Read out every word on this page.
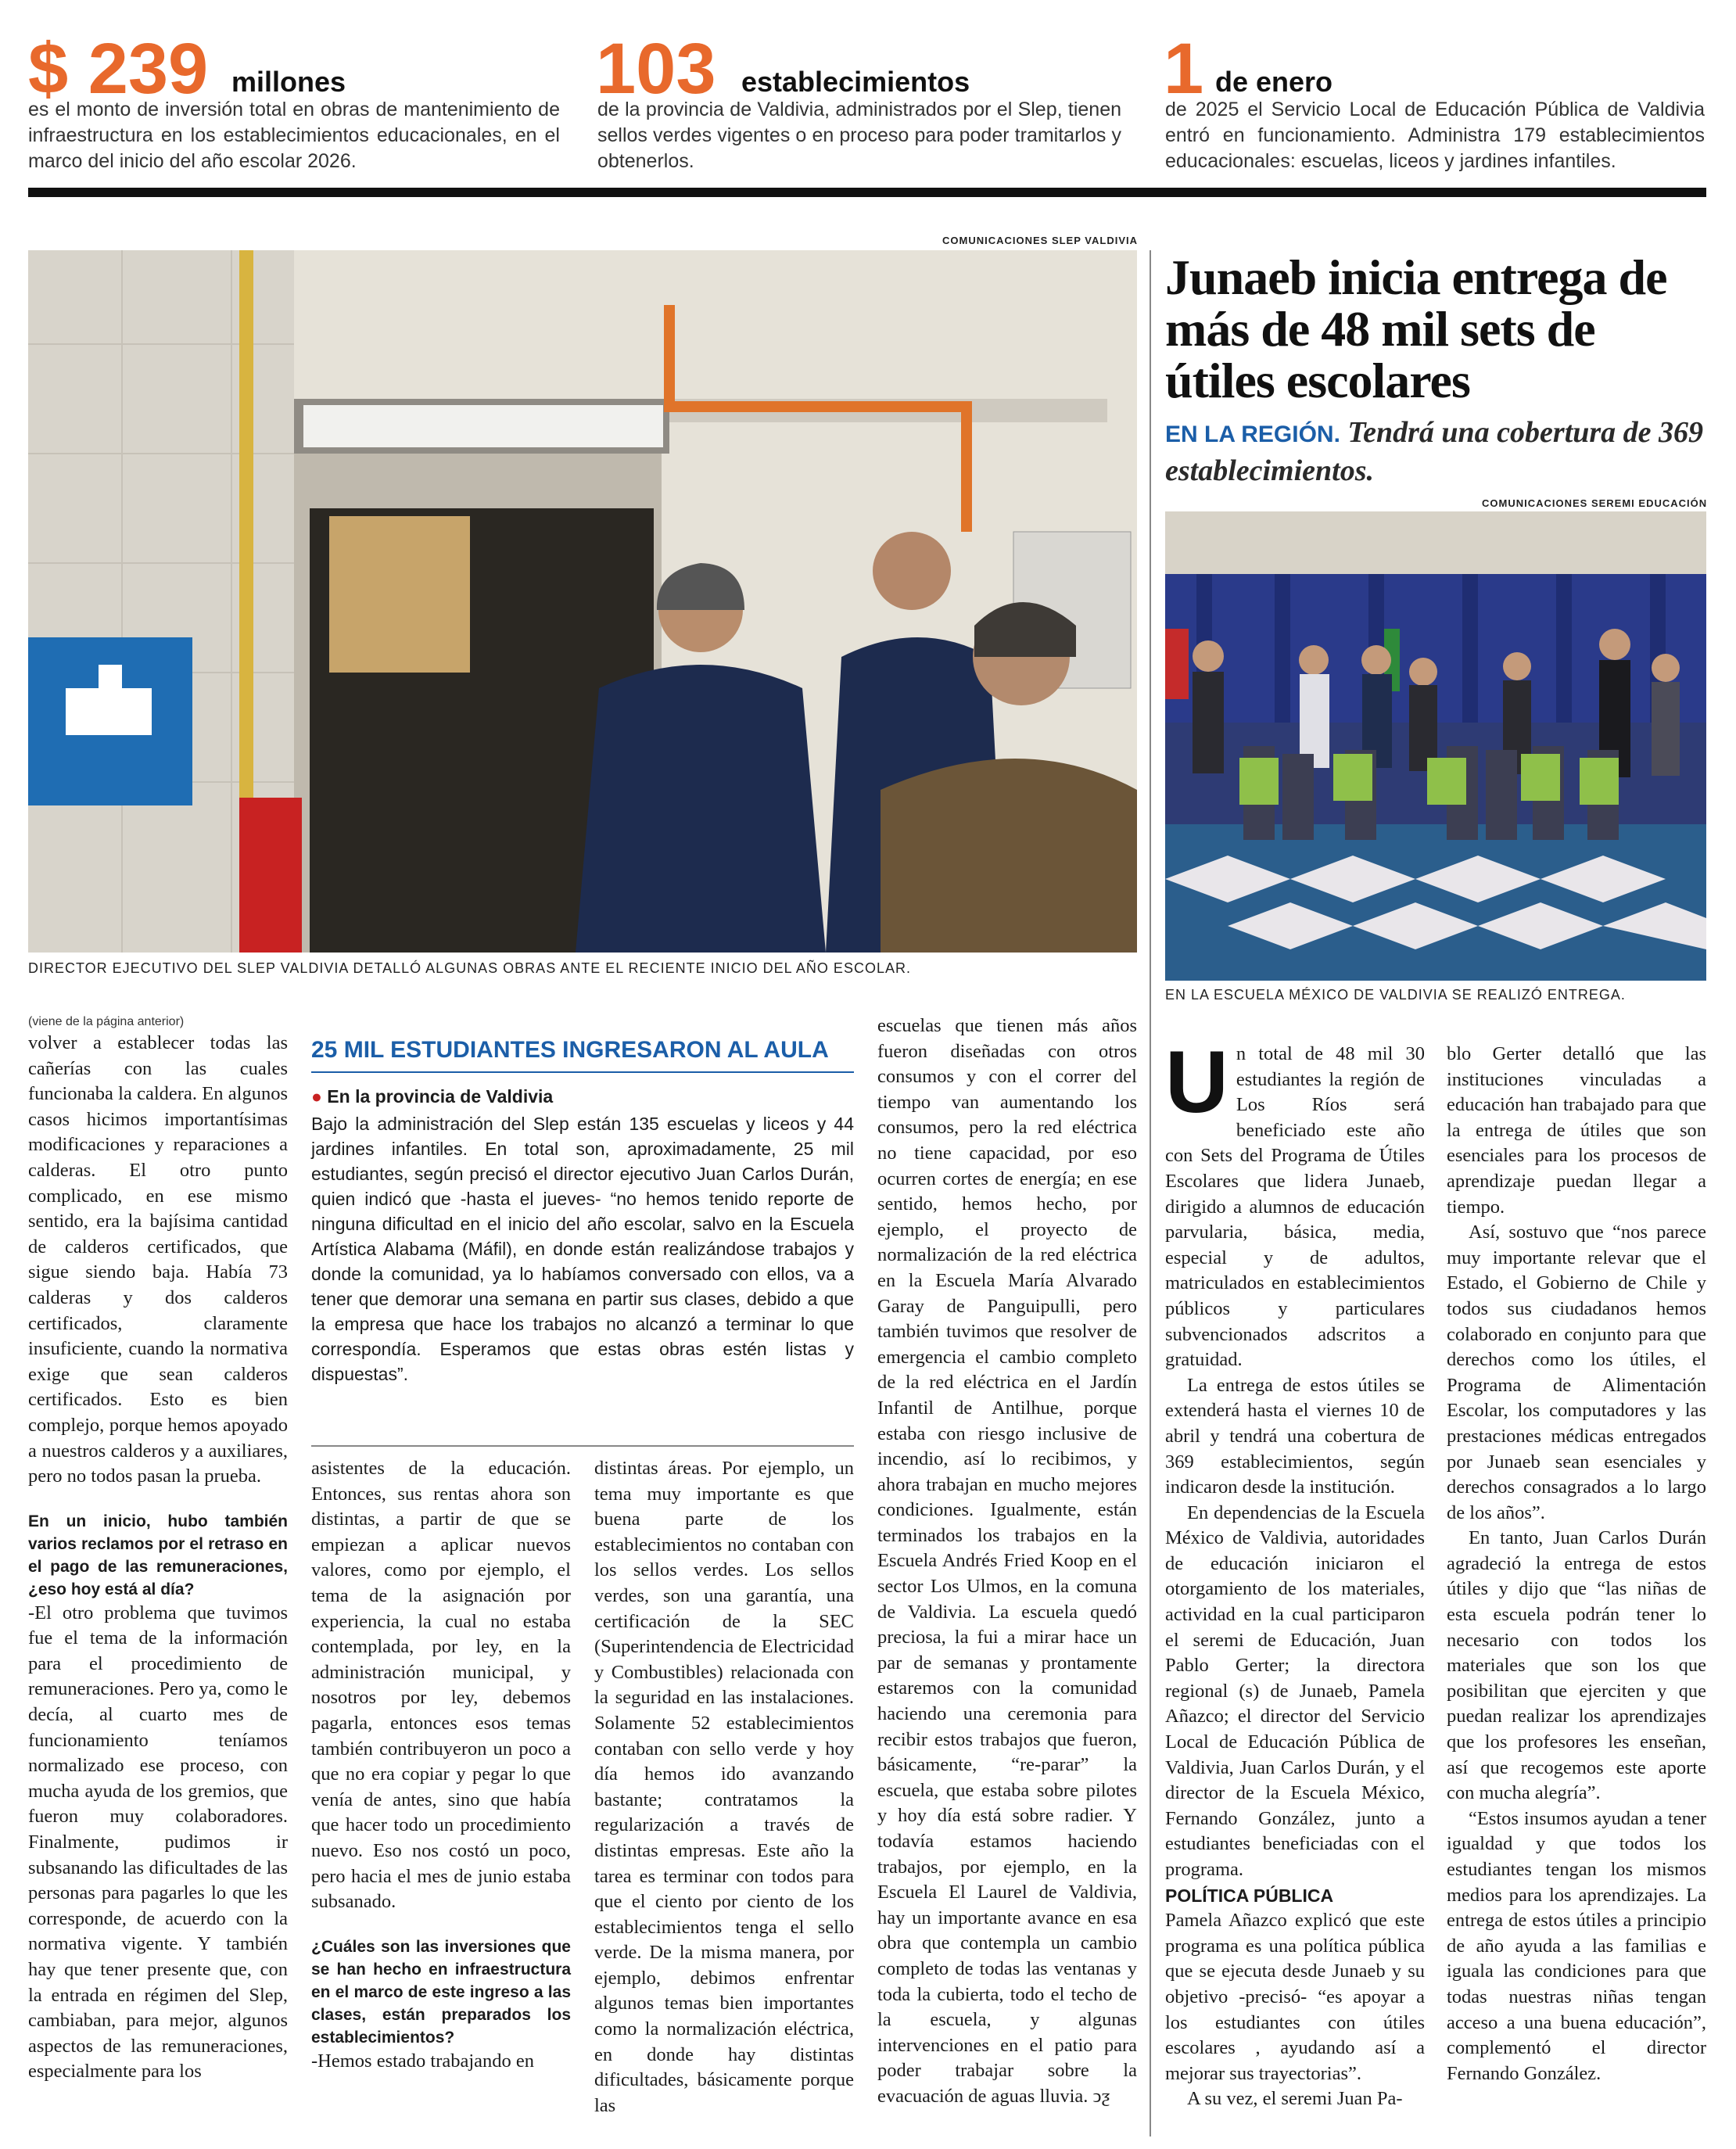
$ 239 millones
es el monto de inversión total en obras de mantenimiento de infraestructura en los establecimientos educacionales, en el marco del inicio del año escolar 2026.
103 establecimientos
de la provincia de Valdivia, administrados por el Slep, tienen sellos verdes vigentes o en proceso para poder tramitarlos y obtenerlos.
1 de enero
de 2025 el Servicio Local de Educación Pública de Valdivia entró en funcionamiento. Administra 179 establecimientos educacionales: escuelas, liceos y jardines infantiles.
COMUNICACIONES SLEP VALDIVIA
DIRECTOR EJECUTIVO DEL SLEP VALDIVIA DETALLÓ ALGUNAS OBRAS ANTE EL RECIENTE INICIO DEL AÑO ESCOLAR.
Junaeb inicia entrega de más de 48 mil sets de útiles escolares
EN LA REGIÓN. Tendrá una cobertura de 369 establecimientos.
COMUNICACIONES SEREMI EDUCACIÓN
EN LA ESCUELA MÉXICO DE VALDIVIA SE REALIZÓ ENTREGA.
(viene de la página anterior)

volver a establecer todas las cañerías con las cuales funcionaba la caldera. En algunos casos hicimos importantísimas modificaciones y reparaciones a calderas. El otro punto complicado, en ese mismo sentido, era la bajísima cantidad de calderos certificados, que sigue siendo baja. Había 73 calderas y dos calderos certificados, claramente insuficiente, cuando la normativa exige que sean calderos certificados. Esto es bien complejo, porque hemos apoyado a nuestros calderos y a auxiliares, pero no todos pasan la prueba.

En un inicio, hubo también varios reclamos por el retraso en el pago de las remuneraciones, ¿eso hoy está al día?

-El otro problema que tuvimos fue el tema de la información para el procedimiento de remuneraciones. Pero ya, como le decía, al cuarto mes de funcionamiento teníamos normalizado ese proceso, con mucha ayuda de los gremios, que fueron muy colaboradores. Finalmente, pudimos ir subsanando las dificultades de las personas para pagarles lo que les corresponde, de acuerdo con la normativa vigente. Y también hay que tener presente que, con la entrada en régimen del Slep, cambiaban, para mejor, algunos aspectos de las remuneraciones, especialmente para los

25 MIL ESTUDIANTES INGRESARON AL AULA

● En la provincia de Valdivia

Bajo la administración del Slep están 135 escuelas y liceos y 44 jardines infantiles. En total son, aproximadamente, 25 mil estudiantes, según precisó el director ejecutivo Juan Carlos Durán, quien indicó que -hasta el jueves- “no hemos tenido reporte de ninguna dificultad en el inicio del año escolar, salvo en la Escuela Artística Alabama (Máfil), en donde están realizándose trabajos y donde la comunidad, ya lo habíamos conversado con ellos, va a tener que demorar una semana en partir sus clases, debido a que la empresa que hace los trabajos no alcanzó a terminar lo que correspondía. Esperamos que estas obras estén listas y dispuestas”.

asistentes de la educación. Entonces, sus rentas ahora son distintas, a partir de que se empiezan a aplicar nuevos valores, como por ejemplo, el tema de la asignación por experiencia, la cual no estaba contemplada, por ley, en la administración municipal, y nosotros por ley, debemos pagarla, entonces esos temas también contribuyeron un poco a que no era copiar y pegar lo que venía de antes, sino que había que hacer todo un procedimiento nuevo. Eso nos costó un poco, pero hacia el mes de junio estaba subsanado.

¿Cuáles son las inversiones que se han hecho en infraestructura en el marco de este ingreso a las clases, están preparados los establecimientos?

-Hemos estado trabajando en

distintas áreas. Por ejemplo, un tema muy importante es que buena parte de los establecimientos no contaban con los sellos verdes. Los sellos verdes, son una garantía, una certificación de la SEC (Superintendencia de Electricidad y Combustibles) relacionada con la seguridad en las instalaciones. Solamente 52 establecimientos contaban con sello verde y hoy día hemos ido avanzando bastante; contratamos la regularización a través de distintas empresas. Este año la tarea es terminar con todos para que el ciento por ciento de los establecimientos tenga el sello verde. De la misma manera, por ejemplo, debimos enfrentar algunos temas bien importantes como la normalización eléctrica, en donde hay distintas dificultades, básicamente porque las

escuelas que tienen más años fueron diseñadas con otros consumos y con el correr del tiempo van aumentando los consumos, pero la red eléctrica no tiene capacidad, por eso ocurren cortes de energía; en ese sentido, hemos hecho, por ejemplo, el proyecto de normalización de la red eléctrica en la Escuela María Alvarado Garay de Panguipulli, pero también tuvimos que resolver de emergencia el cambio completo de la red eléctrica en el Jardín Infantil de Antilhue, porque estaba con riesgo inclusive de incendio, así lo recibimos, y ahora trabajan en mucho mejores condiciones. Igualmente, están terminados los trabajos en la Escuela Andrés Fried Koop en el sector Los Ulmos, en la comuna de Valdivia. La escuela quedó preciosa, la fui a mirar hace un par de semanas y prontamente estaremos con la comunidad haciendo una ceremonia para recibir estos trabajos que fueron, básicamente, “re-parar” la escuela, que estaba sobre pilotes y hoy día está sobre radier. Y todavía estamos haciendo trabajos, por ejemplo, en la Escuela El Laurel de Valdivia, hay un importante avance en esa obra que contempla un cambio completo de todas las ventanas y toda la cubierta, todo el techo de la escuela, y algunas intervenciones en el patio para poder trabajar sobre la evacuación de aguas lluvia. ↄƺ

Un total de 48 mil 30 estudiantes la región de Los Ríos será beneficiado este año con Sets del Programa de Útiles Escolares que lidera Junaeb, dirigido a alumnos de educación parvularia, básica, media, especial y de adultos, matriculados en establecimientos públicos y particulares subvencionados adscritos a gratuidad.

La entrega de estos útiles se extenderá hasta el viernes 10 de abril y tendrá una cobertura de 369 establecimientos, según indicaron desde la institución.

En dependencias de la Escuela México de Valdivia, autoridades de educación iniciaron el otorgamiento de los materiales, actividad en la cual participaron el seremi de Educación, Juan Pablo Gerter; la directora regional (s) de Junaeb, Pamela Añazco; el director del Servicio Local de Educación Pública de Valdivia, Juan Carlos Durán, y el director de la Escuela México, Fernando González, junto a estudiantes beneficiadas con el programa.

POLÍTICA PÚBLICA

Pamela Añazco explicó que este programa es una política pública que se ejecuta desde Junaeb y su objetivo -precisó- “es apoyar a los estudiantes con útiles escolares , ayudando así a mejorar sus trayectorias”.

A su vez, el seremi Juan Pa-

blo Gerter detalló que las instituciones vinculadas a educación han trabajado para que la entrega de útiles que son esenciales para los procesos de aprendizaje puedan llegar a tiempo.

Así, sostuvo que “nos parece muy importante relevar que el Estado, el Gobierno de Chile y todos sus ciudadanos hemos colaborado en conjunto para que derechos como los útiles, el Programa de Alimentación Escolar, los computadores y las prestaciones médicas entregados por Junaeb sean esenciales y derechos consagrados a lo largo de los años”.

En tanto, Juan Carlos Durán agradeció la entrega de estos útiles y dijo que “las niñas de esta escuela podrán tener lo necesario con todos los materiales que son los que posibilitan que ejerciten y que puedan realizar los aprendizajes que los profesores les enseñan, así que recogemos este aporte con mucha alegría”.

“Estos insumos ayudan a tener igualdad y que todos los estudiantes tengan los mismos medios para los aprendizajes. La entrega de estos útiles a principio de año ayuda a las familias e iguala las condiciones para que todas nuestras niñas tengan acceso a una buena educación”, complementó el director Fernando González.
